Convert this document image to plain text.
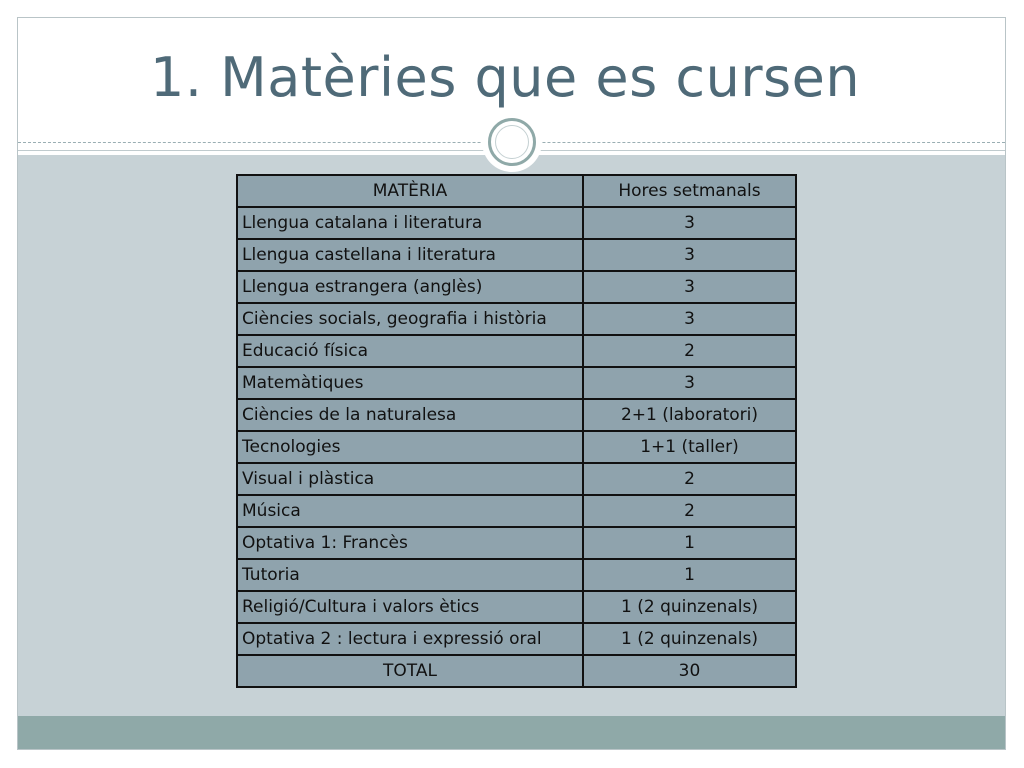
1. Matèries que es cursen
MATÈRIA	Hores setmanals
Llengua catalana i literatura	3
Llengua castellana i literatura	3
Llengua estrangera (anglès)	3
Ciències socials, geografia i història	3
Educació física	2
Matemàtiques	3
Ciències de la naturalesa	2+1 (laboratori)
Tecnologies	1+1 (taller)
Visual i plàstica	2
Música	2
Optativa 1: Francès	1
Tutoria	1
Religió/Cultura i valors ètics	1 (2 quinzenals)
Optativa 2 : lectura i expressió oral	1 (2 quinzenals)
TOTAL	30
